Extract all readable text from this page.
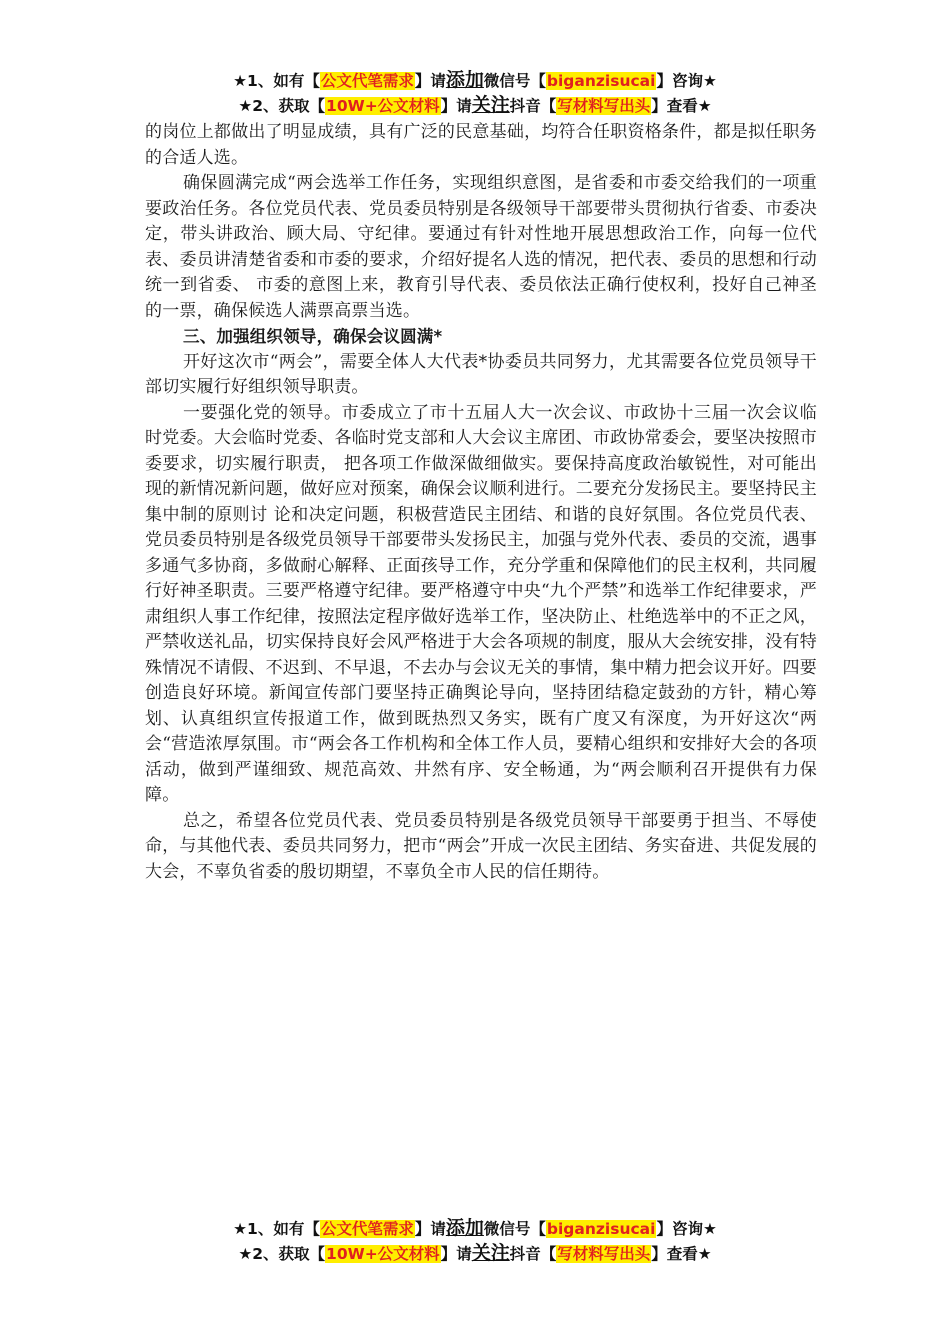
★1、如有【公文代笔需求】请添加微信号【biganzisucai】咨询★
★2、获取【10W+公文材料】请关注抖音【写材料写出头】查看★

的岗位上都做出了明显成绩，具有广泛的民意基础，均符合任职资格条件，都是拟任职务的合适人选。

确保圆满完成“两会选举工作任务，实现组织意图，是省委和市委交给我们的一项重要政治任务。各位党员代表、党员委员特别是各级领导干部要带头贯彻执行省委、市委决定，带头讲政治、顾大局、守纪律。要通过有针对性地开展思想政治工作，向每一位代表、委员讲清楚省委和市委的要求，介绍好提名人选的情况，把代表、委员的思想和行动统一到省委、 市委的意图上来，教育引导代表、委员依法正确行使权利，投好自己神圣的一票，确保候选人满票高票当选。

三、加强组织领导，确保会议圆满*

开好这次市“两会”，需要全体人大代表*协委员共同努力，尤其需要各位党员领导干部切实履行好组织领导职责。

一要强化党的领导。市委成立了市十五届人大一次会议、市政协十三届一次会议临时党委。大会临时党委、各临时党支部和人大会议主席团、市政协常委会，要坚决按照市委要求，切实履行职责， 把各项工作做深做细做实。要保持高度政治敏锐性，对可能出现的新情况新问题，做好应对预案，确保会议顺利进行。二要充分发扬民主。要坚持民主集中制的原则讨 论和决定问题，积极营造民主团结、和谐的良好氛围。各位党员代表、党员委员特别是各级党员领导干部要带头发扬民主，加强与党外代表、委员的交流，遇事多通气多协商，多做耐心解释、正面孩导工作，充分学重和保障他们的民主权利，共同履行好神圣职责。三要严格遵守纪律。要严格遵守中央“九个严禁”和选举工作纪律要求，严肃组织人事工作纪律，按照法定程序做好选举工作，坚决防止、杜绝选举中的不正之风，严禁收送礼品，切实保持良好会风严格进于大会各项规的制度，服从大会统安排，没有特殊情况不请假、不迟到、不早退，不去办与会议无关的事情，集中精力把会议开好。四要创造良好环境。新闻宣传部门要坚持正确舆论导向，坚持团结稳定鼓劲的方针，精心筹划、认真组织宣传报道工作，做到既热烈又务实，既有广度又有深度，为开好这次“两会“营造浓厚氛围。市“两会各工作机构和全体工作人员，要精心组织和安排好大会的各项活动，做到严谨细致、规范高效、井然有序、安全畅通，为“两会顺利召开提供有力保障。

总之，希望各位党员代表、党员委员特别是各级党员领导干部要勇于担当、不辱使命，与其他代表、委员共同努力，把市“两会”开成一次民主团结、务实奋进、共促发展的大会，不辜负省委的殷切期望，不辜负全市人民的信任期待。

★1、如有【公文代笔需求】请添加微信号【biganzisucai】咨询★
★2、获取【10W+公文材料】请关注抖音【写材料写出头】查看★
